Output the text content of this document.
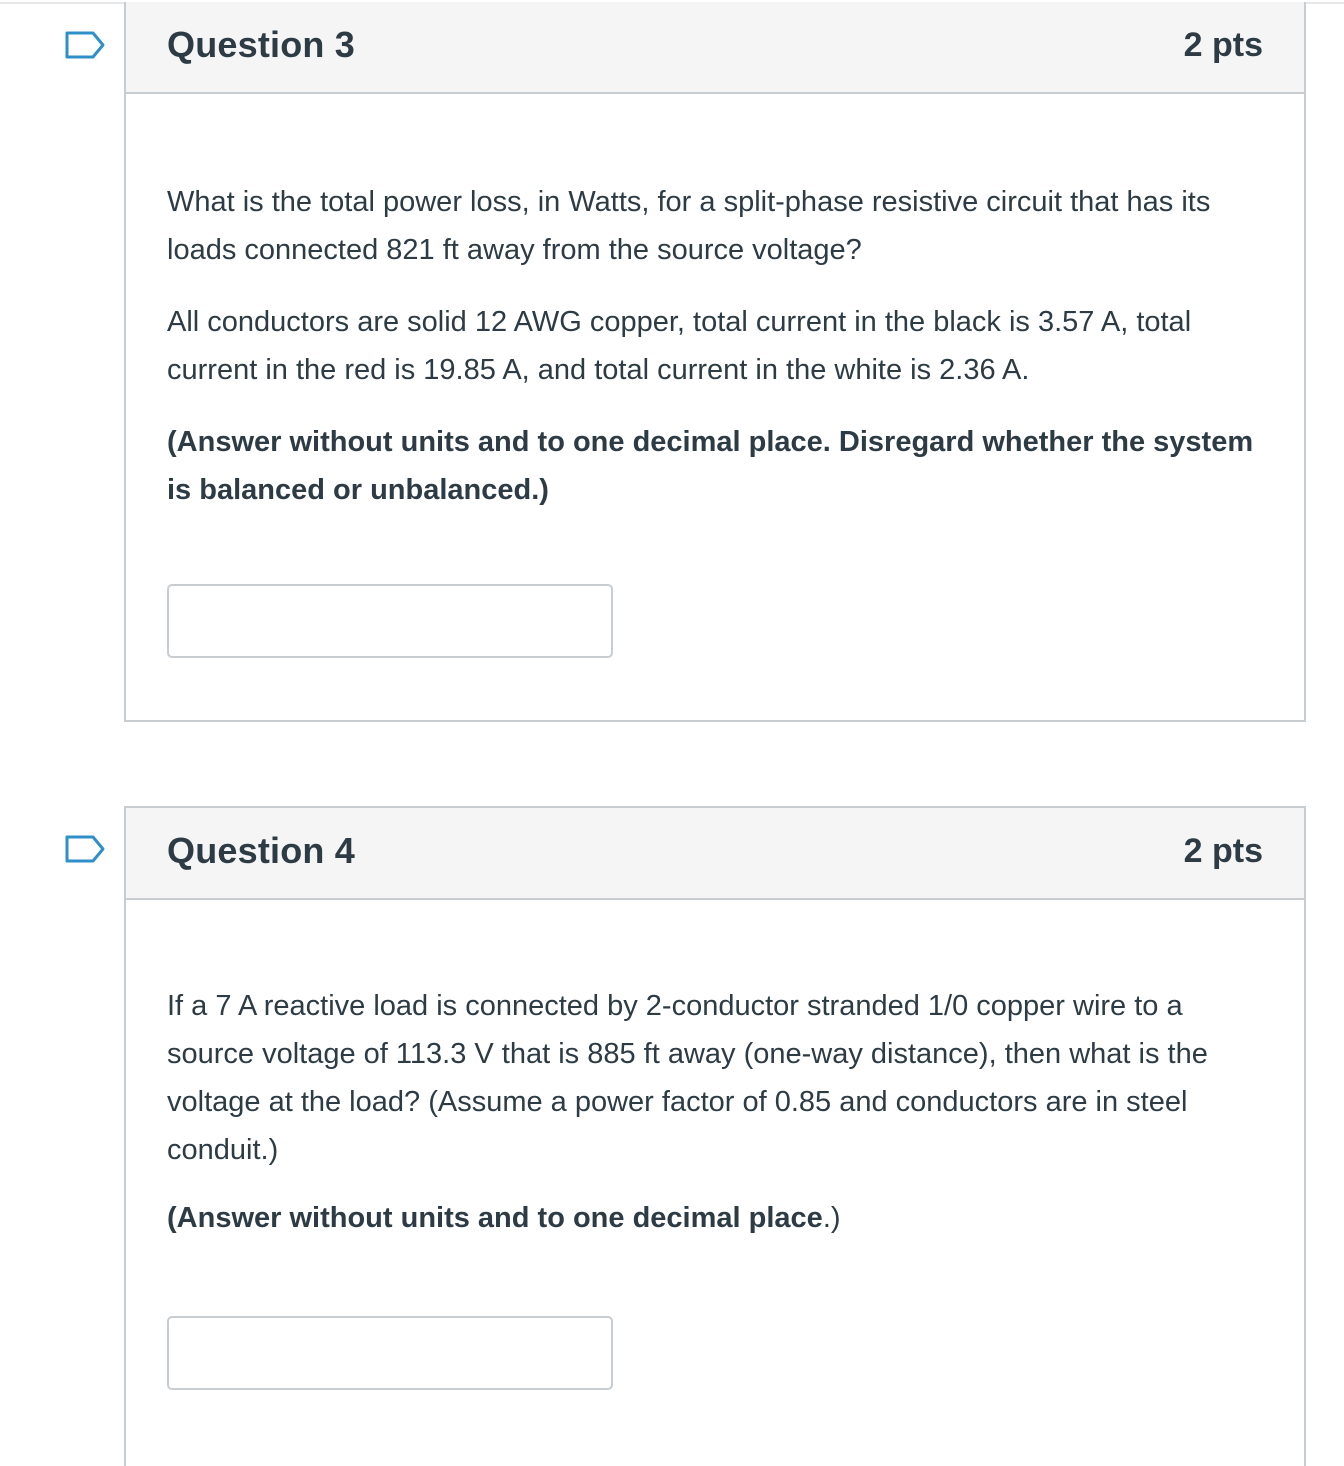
Question 3	2 pts

What is the total power loss, in Watts, for a split-phase resistive circuit that has its loads connected 821 ft away from the source voltage?

All conductors are solid 12 AWG copper, total current in the black is 3.57 A, total current in the red is 19.85 A, and total current in the white is 2.36 A.

(Answer without units and to one decimal place. Disregard whether the system is balanced or unbalanced.)

Question 4	2 pts

If a 7 A reactive load is connected by 2-conductor stranded 1/0 copper wire to a source voltage of 113.3 V that is 885 ft away (one-way distance), then what is the voltage at the load? (Assume a power factor of 0.85 and conductors are in steel conduit.)

(Answer without units and to one decimal place.)
